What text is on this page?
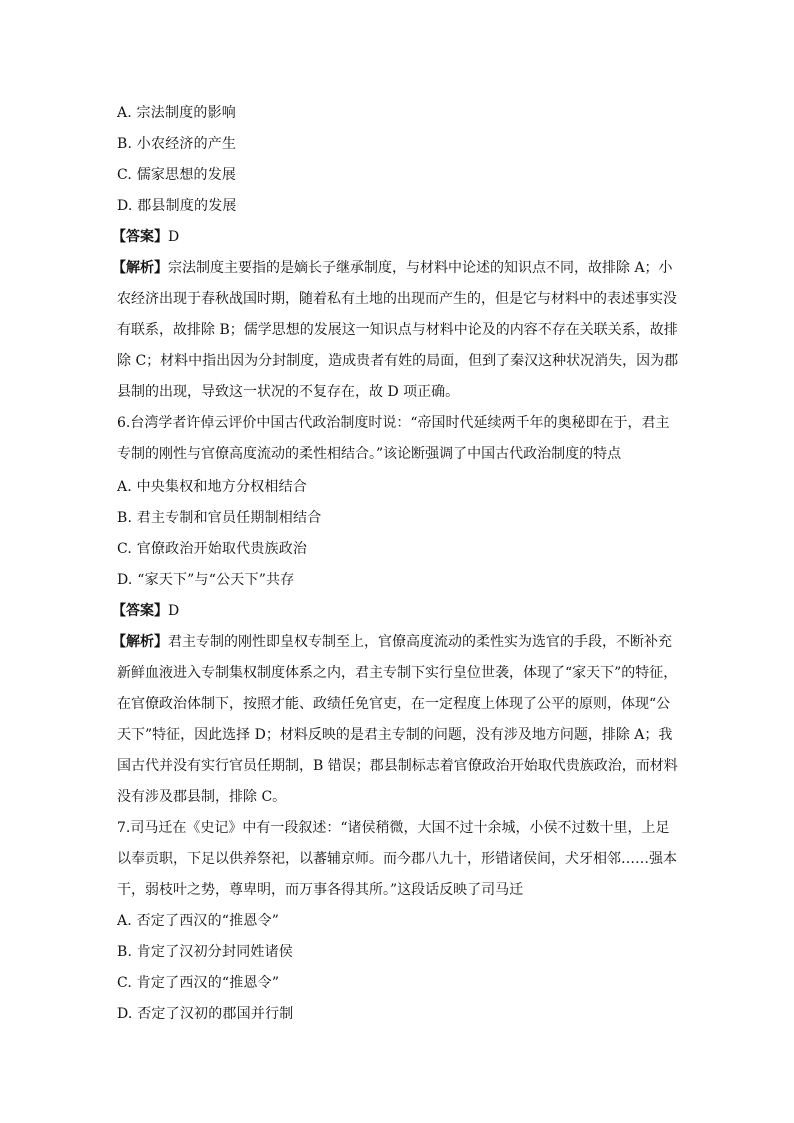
A. 宗法制度的影响
B. 小农经济的产生
C. 儒家思想的发展
D. 郡县制度的发展
【答案】D
【解析】宗法制度主要指的是嫡长子继承制度，与材料中论述的知识点不同，故排除 A；小
农经济出现于春秋战国时期，随着私有土地的出现而产生的，但是它与材料中的表述事实没
有联系，故排除 B；儒学思想的发展这一知识点与材料中论及的内容不存在关联关系，故排
除 C；材料中指出因为分封制度，造成贵者有姓的局面，但到了秦汉这种状况消失，因为郡
县制的出现，导致这一状况的不复存在，故 D 项正确。
6.台湾学者许倬云评价中国古代政治制度时说：“帝国时代延续两千年的奥秘即在于，君主
专制的刚性与官僚高度流动的柔性相结合。”该论断强调了中国古代政治制度的特点
A. 中央集权和地方分权相结合
B. 君主专制和官员任期制相结合
C. 官僚政治开始取代贵族政治
D. “家天下”与“公天下”共存
【答案】D
【解析】君主专制的刚性即皇权专制至上，官僚高度流动的柔性实为选官的手段，不断补充
新鲜血液进入专制集权制度体系之内，君主专制下实行皇位世袭，体现了“家天下”的特征，
在官僚政治体制下，按照才能、政绩任免官吏，在一定程度上体现了公平的原则，体现“公
天下”特征，因此选择 D；材料反映的是君主专制的问题，没有涉及地方问题，排除 A；我
国古代并没有实行官员任期制，B 错误；郡县制标志着官僚政治开始取代贵族政治，而材料
没有涉及郡县制，排除 C。
7.司马迁在《史记》中有一段叙述：“诸侯稍微，大国不过十余城，小侯不过数十里，上足
以奉贡职，下足以供养祭祀，以蕃辅京师。而今郡八九十，形错诸侯间，犬牙相邻……强本
干，弱枝叶之势，尊卑明，而万事各得其所。”这段话反映了司马迁
A. 否定了西汉的“推恩令”
B. 肯定了汉初分封同姓诸侯
C. 肯定了西汉的“推恩令”
D. 否定了汉初的郡国并行制
